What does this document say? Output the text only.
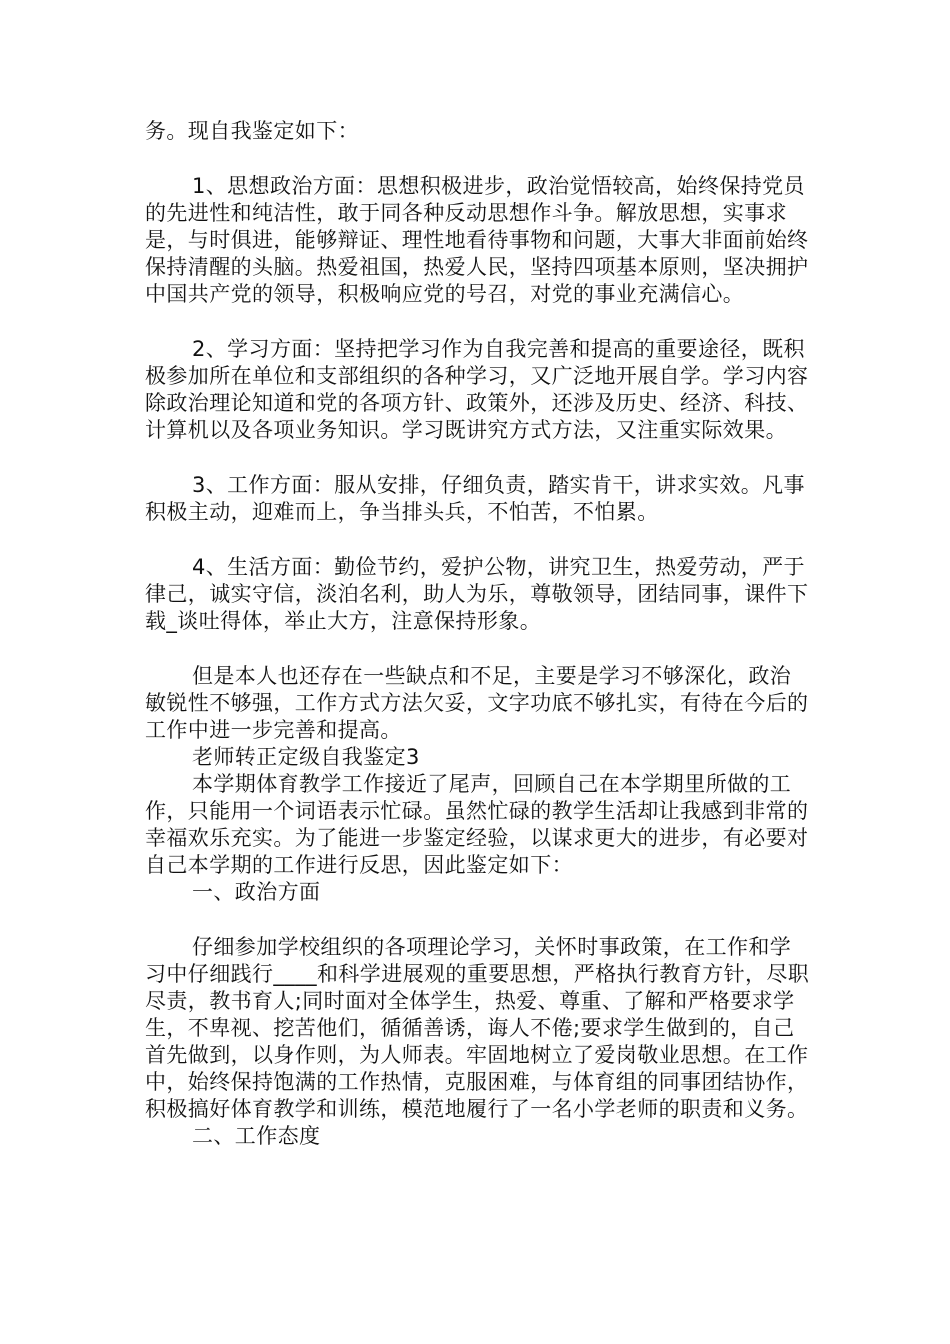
务。现自我鉴定如下：

1、思想政治方面：思想积极进步，政治觉悟较高，始终保持党员的先进性和纯洁性，敢于同各种反动思想作斗争。解放思想，实事求是，与时俱进，能够辩证、理性地看待事物和问题，大事大非面前始终保持清醒的头脑。热爱祖国，热爱人民，坚持四项基本原则，坚决拥护中国共产党的领导，积极响应党的号召，对党的事业充满信心。

2、学习方面：坚持把学习作为自我完善和提高的重要途径，既积极参加所在单位和支部组织的各种学习，又广泛地开展自学。学习内容除政治理论知道和党的各项方针、政策外，还涉及历史、经济、科技、计算机以及各项业务知识。学习既讲究方式方法，又注重实际效果。

3、工作方面：服从安排，仔细负责，踏实肯干，讲求实效。凡事积极主动，迎难而上，争当排头兵，不怕苦，不怕累。

4、生活方面：勤俭节约，爱护公物，讲究卫生，热爱劳动，严于律己，诚实守信，淡泊名利，助人为乐，尊敬领导，团结同事，课件下载_谈吐得体，举止大方，注意保持形象。

但是本人也还存在一些缺点和不足，主要是学习不够深化，政治敏锐性不够强，工作方式方法欠妥，文字功底不够扎实，有待在今后的工作中进一步完善和提高。

老师转正定级自我鉴定3

本学期体育教学工作接近了尾声，回顾自己在本学期里所做的工作，只能用一个词语表示忙碌。虽然忙碌的教学生活却让我感到非常的幸福欢乐充实。为了能进一步鉴定经验，以谋求更大的进步，有必要对自己本学期的工作进行反思，因此鉴定如下：

一、政治方面

仔细参加学校组织的各项理论学习，关怀时事政策，在工作和学习中仔细践行____和科学进展观的重要思想，严格执行教育方针，尽职尽责，教书育人;同时面对全体学生，热爱、尊重、了解和严格要求学生，不卑视、挖苦他们，循循善诱，诲人不倦;要求学生做到的，自己首先做到，以身作则，为人师表。牢固地树立了爱岗敬业思想。在工作中，始终保持饱满的工作热情，克服困难，与体育组的同事团结协作，积极搞好体育教学和训练，模范地履行了一名小学老师的职责和义务。

二、工作态度
